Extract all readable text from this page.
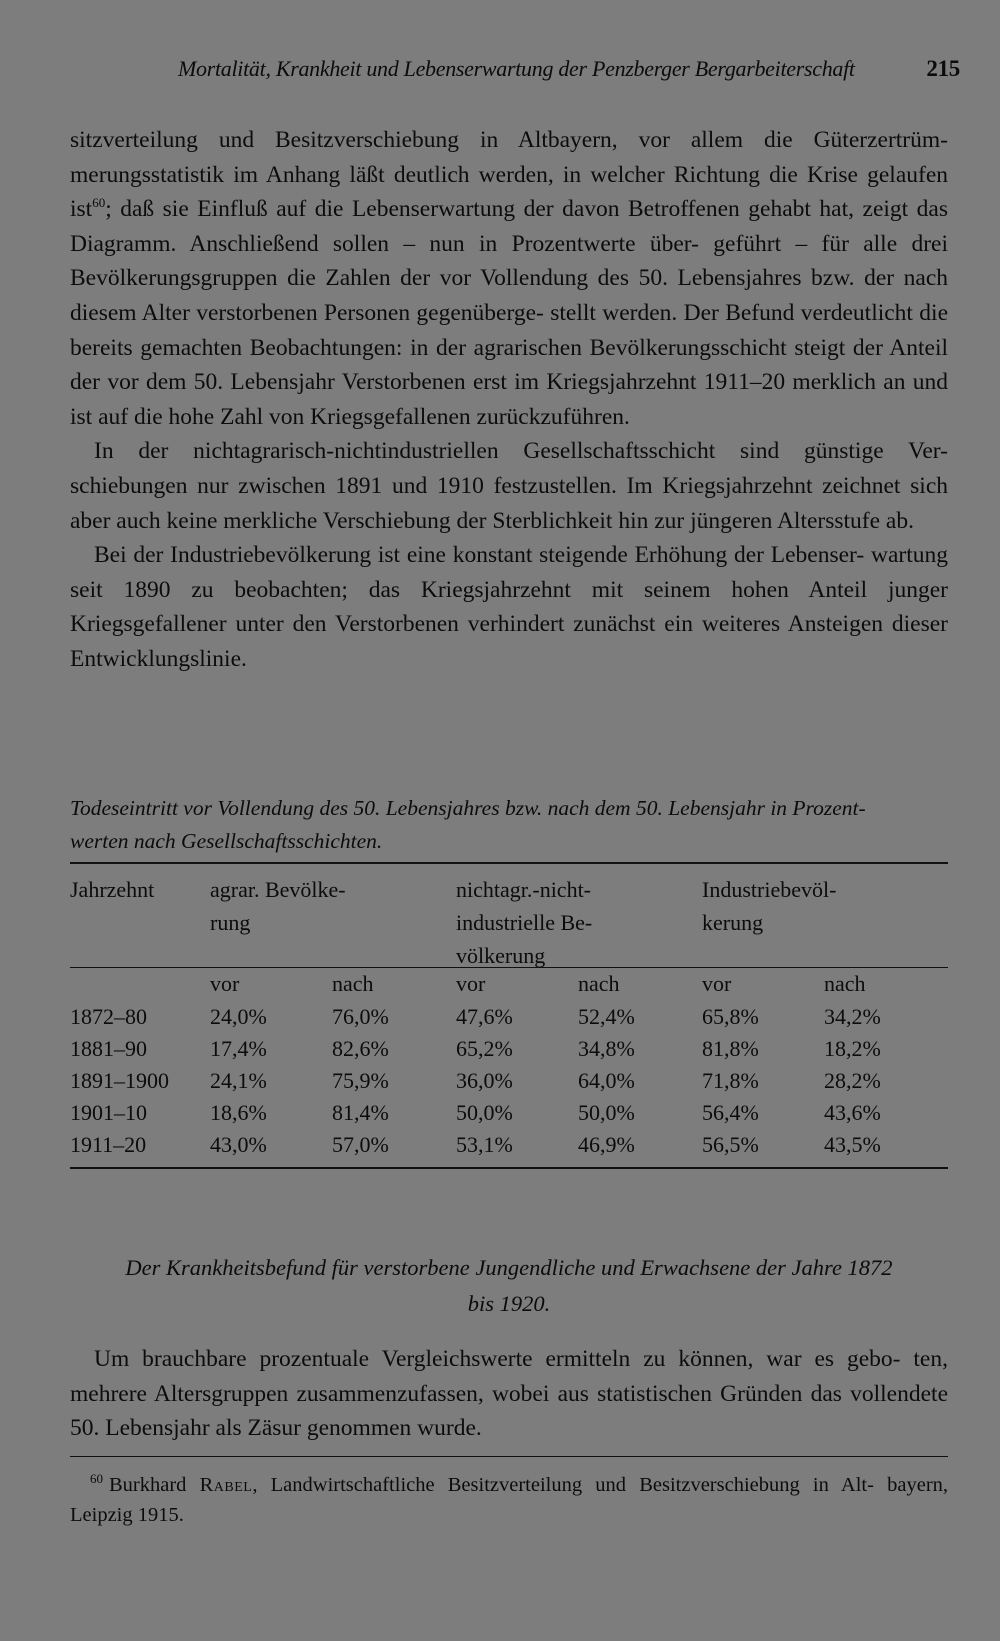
Mortalität, Krankheit und Lebenserwartung der Penzberger Bergarbeiterschaft	215

sitzverteilung und Besitzverschiebung in Altbayern, vor allem die Güterzertrüm- merungsstatistik im Anhang läßt deutlich werden, in welcher Richtung die Krise gelaufen ist$^{60}$; daß sie Einfluß auf die Lebenserwartung der davon Betroffenen gehabt hat, zeigt das Diagramm. Anschließend sollen – nun in Prozentwerte über- geführt – für alle drei Bevölkerungsgruppen die Zahlen der vor Vollendung des 50. Lebensjahres bzw. der nach diesem Alter verstorbenen Personen gegenüberge- stellt werden. Der Befund verdeutlicht die bereits gemachten Beobachtungen: in der agrarischen Bevölkerungsschicht steigt der Anteil der vor dem 50. Lebensjahr Verstorbenen erst im Kriegsjahrzehnt 1911–20 merklich an und ist auf die hohe Zahl von Kriegsgefallenen zurückzuführen.

In der nichtagrarisch-nichtindustriellen Gesellschaftsschicht sind günstige Ver- schiebungen nur zwischen 1891 und 1910 festzustellen. Im Kriegsjahrzehnt zeichnet sich aber auch keine merkliche Verschiebung der Sterblichkeit hin zur jüngeren Altersstufe ab.

Bei der Industriebevölkerung ist eine konstant steigende Erhöhung der Lebenser- wartung seit 1890 zu beobachten; das Kriegsjahrzehnt mit seinem hohen Anteil junger Kriegsgefallener unter den Verstorbenen verhindert zunächst ein weiteres Ansteigen dieser Entwicklungslinie.

Todeseintritt vor Vollendung des 50. Lebensjahres bzw. nach dem 50. Lebensjahr in Prozent-
werten nach Gesellschaftsschichten.
Jahrzehnt	agrar. Bevölke-
rung
nichtagr.-nicht-
industrielle Be-
völkerung
Industriebevöl-
kerung
vor	nach	vor	nach	vor	nach
1872–80	24,0%	76,0%	47,6%	52,4%	65,8%	34,2%
1881–90	17,4%	82,6%	65,2%	34,8%	81,8%	18,2%
1891–1900 24,1%	75,9%	36,0%	64,0%	71,8%	28,2%
1901–10	18,6%	81,4%	50,0%	50,0%	56,4%	43,6%
1911–20	43,0%	57,0%	53,1%	46,9%	56,5%	43,5%
Der Krankheitsbefund für verstorbene Jungendliche und Erwachsene der Jahre 1872
bis 1920.

Um brauchbare prozentuale Vergleichswerte ermitteln zu können, war es gebo- ten, mehrere Altersgruppen zusammenzufassen, wobei aus statistischen Gründen das vollendete 50. Lebensjahr als Zäsur genommen wurde.

$^{60}$ Burkhard Rabel, Landwirtschaftliche Besitzverteilung und Besitzverschiebung in Alt- bayern, Leipzig 1915.
